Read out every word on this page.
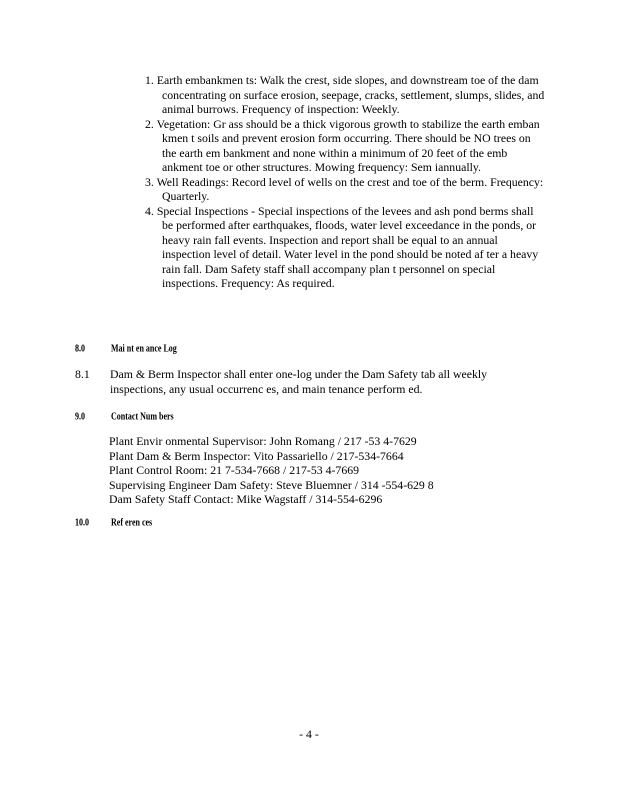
1. Earth embankmen ts: Walk the crest, side slopes, and downstream toe of the dam concentrating on surface erosion, seepage, cracks, settlement, slumps, slides, and animal burrows. Frequency of inspection: Weekly.
2. Vegetation: Gr ass should be a thick vigorous growth to stabilize the earth emban kmen t soils and prevent erosion form occurring. There should be NO trees on the earth em bankment and none within a minimum of 20 feet of the emb ankment toe or other structures. Mowing frequency: Sem iannually.
3. Well Readings: Record level of wells on the crest and toe of the berm. Frequency: Quarterly.
4. Special Inspections - Special inspections of the levees and ash pond berms shall be performed after earthquakes, floods, water level exceedance in the ponds, or heavy rain fall events. Inspection and report shall be equal to an annual inspection level of detail. Water level in the pond should be noted af ter a heavy rain fall. Dam Safety staff shall accompany plan t personnel on special inspections. Frequency: As required.
8.0	Mai nt en ance Log
8.1 Dam & Berm Inspector shall enter one-log under the Dam Safety tab all weekly inspections, any usual occurrenc es, and main tenance perform ed.
9.0	Contact Num bers
Plant Envir onmental Supervisor: John Romang / 217 -53 4-7629
Plant Dam & Berm Inspector: Vito Passariello / 217-534-7664
Plant Control Room: 21 7-534-7668 / 217-53 4-7669
Supervising Engineer Dam Safety: Steve Bluemner / 314 -554-629 8
Dam Safety Staff Contact: Mike Wagstaff / 314-554-6296
10.0	Ref eren ces
- 4 -
